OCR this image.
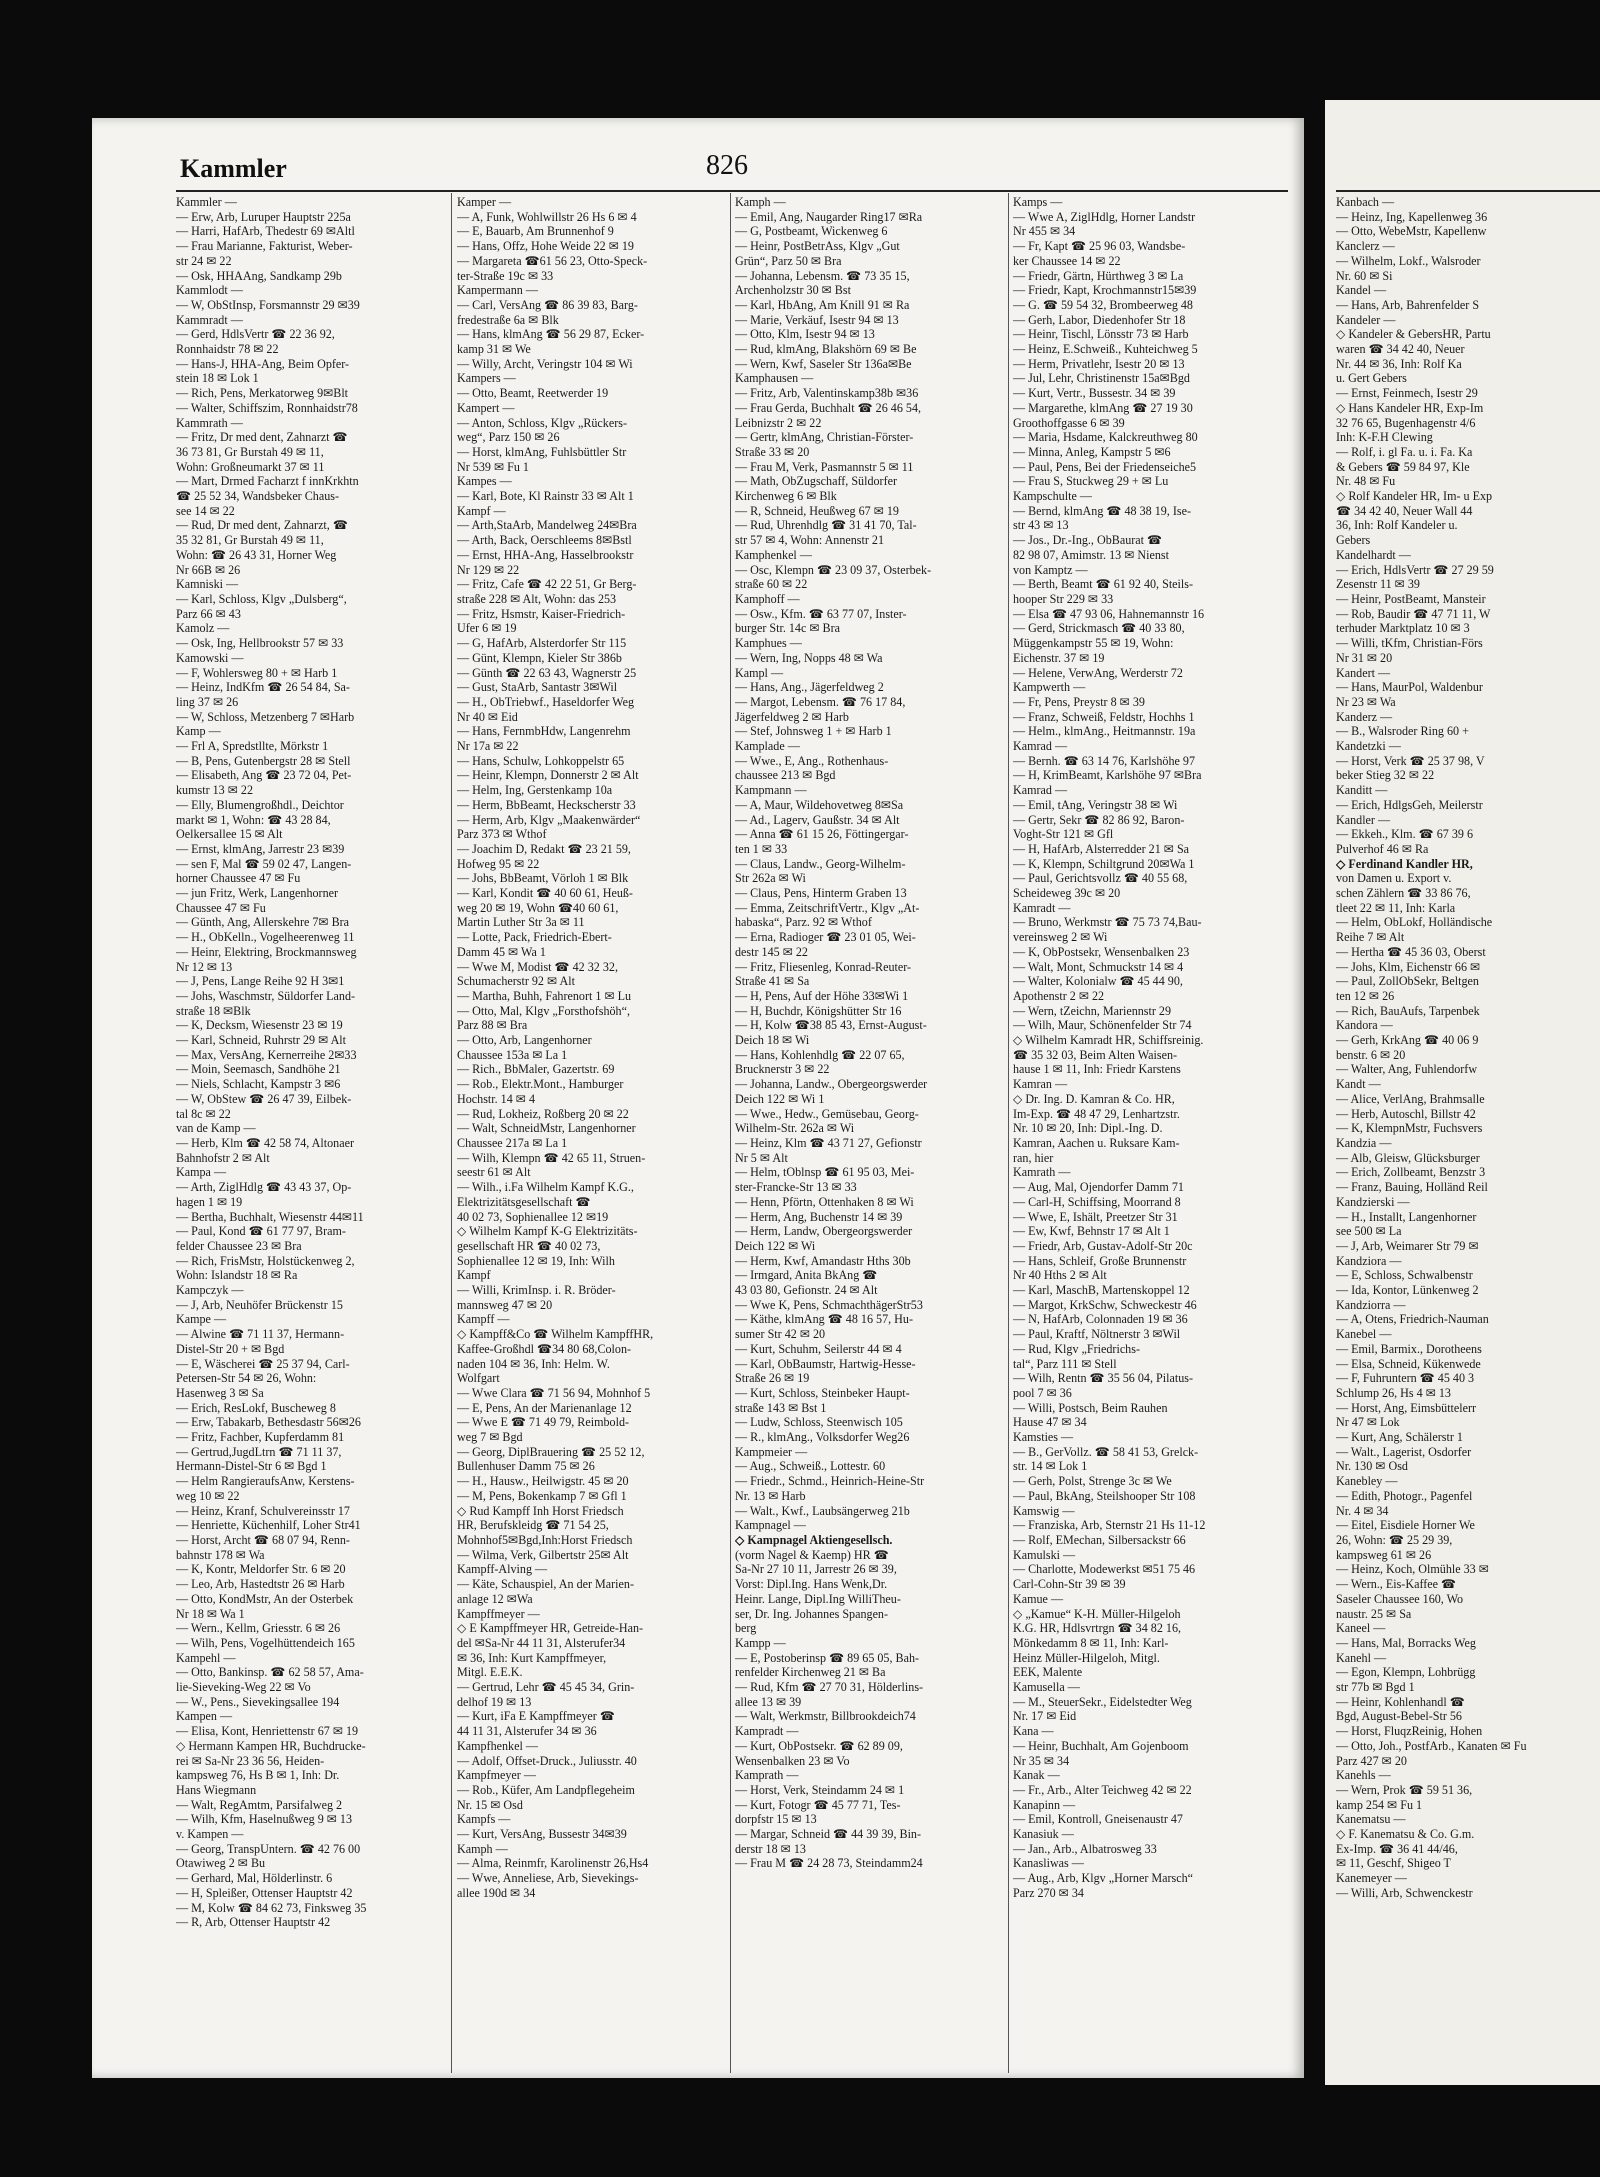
Kammler	826
Kammler —
— Erw, Arb, Luruper Hauptstr 225a
— Harri, HafArb, Thedestr 69 ✉Altl
— Frau Marianne, Fakturist, Weber-
str 24 ✉ 22
— Osk, HHAAng, Sandkamp 29b
Kammlodt —
— W, ObStInsp, Forsmannstr 29 ✉39
Kammradt —
— Gerd, HdlsVertr ☎ 22 36 92,
Ronnhaidstr 78 ✉ 22
— Hans-J, HHA-Ang, Beim Opfer-
stein 18 ✉ Lok 1
— Rich, Pens, Merkatorweg 9✉Blt
— Walter, Schiffszim, Ronnhaidstr78
Kammrath —
— Fritz, Dr med dent, Zahnarzt ☎
36 73 81, Gr Burstah 49 ✉ 11,
Wohn: Großneumarkt 37 ✉ 11
— Mart, Drmed Facharzt f innKrkhtn
☎ 25 52 34, Wandsbeker Chaus-
see 14 ✉ 22
— Rud, Dr med dent, Zahnarzt, ☎
35 32 81, Gr Burstah 49 ✉ 11,
Wohn: ☎ 26 43 31, Horner Weg
Nr 66B ✉ 26
Kamniski —
— Karl, Schloss, Klgv „Dulsberg“,
Parz 66 ✉ 43
Kamolz —
— Osk, Ing, Hellbrookstr 57 ✉ 33
Kamowski —
— F, Wohlersweg 80 + ✉ Harb 1
— Heinz, IndKfm ☎ 26 54 84, Sa-
ling 37 ✉ 26
— W, Schloss, Metzenberg 7 ✉Harb
Kamp —
— Frl A, Spredstllte, Mörkstr 1
— B, Pens, Gutenbergstr 28 ✉ Stell
— Elisabeth, Ang ☎ 23 72 04, Pet-
kumstr 13 ✉ 22
— Elly, Blumengroßhdl., Deichtor
markt ✉ 1, Wohn: ☎ 43 28 84,
Oelkersallee 15 ✉ Alt
— Ernst, klmAng, Jarrestr 23 ✉39
— sen F, Mal ☎ 59 02 47, Langen-
horner Chaussee 47 ✉ Fu
— jun Fritz, Werk, Langenhorner
Chaussee 47 ✉ Fu
— Günth, Ang, Allerskehre 7✉ Bra
— H., ObKelln., Vogelheerenweg 11
— Heinr, Elektring, Brockmannsweg
Nr 12 ✉ 13
— J, Pens, Lange Reihe 92 H 3✉1
— Johs, Waschmstr, Süldorfer Land-
straße 18 ✉Blk
— K, Decksm, Wiesenstr 23 ✉ 19
— Karl, Schneid, Ruhrstr 29 ✉ Alt
— Max, VersAng, Kernerreihe 2✉33
— Moin, Seemasch, Sandhöhe 21
— Niels, Schlacht, Kampstr 3 ✉6
— W, ObStew ☎ 26 47 39, Eilbek-
tal 8c ✉ 22
van de Kamp —
— Herb, Klm ☎ 42 58 74, Altonaer
Bahnhofstr 2 ✉ Alt
Kampa —
— Arth, ZiglHdlg ☎ 43 43 37, Op-
hagen 1 ✉ 19
— Bertha, Buchhalt, Wiesenstr 44✉11
— Paul, Kond ☎ 61 77 97, Bram-
felder Chaussee 23 ✉ Bra
— Rich, FrisMstr, Holstückenweg 2,
Wohn: Islandstr 18 ✉ Ra
Kampczyk —
— J, Arb, Neuhöfer Brückenstr 15
Kampe —
— Alwine ☎ 71 11 37, Hermann-
Distel-Str 20 + ✉ Bgd
— E, Wäscherei ☎ 25 37 94, Carl-
Petersen-Str 54 ✉ 26, Wohn:
Hasenweg 3 ✉ Sa
— Erich, ResLokf, Buscheweg 8
— Erw, Tabakarb, Bethesdastr 56✉26
— Fritz, Fachber, Kupferdamm 81
— Gertrud,JugdLtrn ☎ 71 11 37,
Hermann-Distel-Str 6 ✉ Bgd 1
— Helm RangieraufsAnw, Kerstens-
weg 10 ✉ 22
— Heinz, Kranf, Schulvereinsstr 17
— Henriette, Küchenhilf, Loher Str41
— Horst, Archt ☎ 68 07 94, Renn-
bahnstr 178 ✉ Wa
— K, Kontr, Meldorfer Str. 6 ✉ 20
— Leo, Arb, Hastedtstr 26 ✉ Harb
— Otto, KondMstr, An der Osterbek
Nr 18 ✉ Wa 1
— Wern., Kellm, Griesstr. 6 ✉ 26
— Wilh, Pens, Vogelhüttendeich 165
Kampehl —
— Otto, Bankinsp. ☎ 62 58 57, Ama-
lie-Sieveking-Weg 22 ✉ Vo
— W., Pens., Sievekingsallee 194
Kampen —
— Elisa, Kont, Henriettenstr 67 ✉ 19
◇ Hermann Kampen HR, Buchdrucke-
rei ✉ Sa-Nr 23 36 56, Heiden-
kampsweg 76, Hs B ✉ 1, Inh: Dr.
Hans Wiegmann
— Walt, RegAmtm, Parsifalweg 2
— Wilh, Kfm, Haselnußweg 9 ✉ 13
v. Kampen —
— Georg, TranspUntern. ☎ 42 76 00
Otawiweg 2 ✉ Bu
— Gerhard, Mal, Hölderlinstr. 6
— H, Spleißer, Ottenser Hauptstr 42
— M, Kolw ☎ 84 62 73, Finksweg 35
— R, Arb, Ottenser Hauptstr 42
Kamper —
— A, Funk, Wohlwillstr 26 Hs 6 ✉ 4
— E, Bauarb, Am Brunnenhof 9
— Hans, Offz, Hohe Weide 22 ✉ 19
— Margareta ☎61 56 23, Otto-Speck-
ter-Straße 19c ✉ 33
Kampermann —
— Carl, VersAng ☎ 86 39 83, Barg-
fredestraße 6a ✉ Blk
— Hans, klmAng ☎ 56 29 87, Ecker-
kamp 31 ✉ We
— Willy, Archt, Veringstr 104 ✉ Wi
Kampers —
— Otto, Beamt, Reetwerder 19
Kampert —
— Anton, Schloss, Klgv „Rückers-
weg“, Parz 150 ✉ 26
— Horst, klmAng, Fuhlsbüttler Str
Nr 539 ✉ Fu 1
Kampes —
— Karl, Bote, Kl Rainstr 33 ✉ Alt 1
Kampf —
— Arth,StaArb, Mandelweg 24✉Bra
— Arth, Back, Oerschleems 8✉Bstl
— Ernst, HHA-Ang, Hasselbrookstr
Nr 129 ✉ 22
— Fritz, Cafe ☎ 42 22 51, Gr Berg-
straße 228 ✉ Alt, Wohn: das 253
— Fritz, Hsmstr, Kaiser-Friedrich-
Ufer 6 ✉ 19
— G, HafArb, Alsterdorfer Str 115
— Günt, Klempn, Kieler Str 386b
— Günth ☎ 22 63 43, Wagnerstr 25
— Gust, StaArb, Santastr 3✉Wil
— H., ObTriebwf., Haseldorfer Weg
Nr 40 ✉ Eid
— Hans, FernmbHdw, Langenrehm
Nr 17a ✉ 22
— Hans, Schulw, Lohkoppelstr 65
— Heinr, Klempn, Donnerstr 2 ✉ Alt
— Helm, Ing, Gerstenkamp 10a
— Herm, BbBeamt, Heckscherstr 33
— Herm, Arb, Klgv „Maakenwärder“
Parz 373 ✉ Wthof
— Joachim D, Redakt ☎ 23 21 59,
Hofweg 95 ✉ 22
— Johs, BbBeamt, Vörloh 1 ✉ Blk
— Karl, Kondit ☎ 40 60 61, Heuß-
weg 20 ✉ 19, Wohn ☎40 60 61,
Martin Luther Str 3a ✉ 11
— Lotte, Pack, Friedrich-Ebert-
Damm 45 ✉ Wa 1
— Wwe M, Modist ☎ 42 32 32,
Schumacherstr 92 ✉ Alt
— Martha, Buhh, Fahrenort 1 ✉ Lu
— Otto, Mal, Klgv „Forsthofshöh“,
Parz 88 ✉ Bra
— Otto, Arb, Langenhorner
Chaussee 153a ✉ La 1
— Rich., BbMaler, Gazertstr. 69
— Rob., Elektr.Mont., Hamburger
Hochstr. 14 ✉ 4
— Rud, Lokheiz, Roßberg 20 ✉ 22
— Walt, SchneidMstr, Langenhorner
Chaussee 217a ✉ La 1
— Wilh, Klempn ☎ 42 65 11, Struen-
seestr 61 ✉ Alt
— Wilh., i.Fa Wilhelm Kampf K.G.,
Elektrizitätsgesellschaft ☎
40 02 73, Sophienallee 12 ✉19
◇ Wilhelm Kampf K-G Elektrizitäts-
gesellschaft HR ☎ 40 02 73,
Sophienallee 12 ✉ 19, Inh: Wilh
Kampf
— Willi, KrimInsp. i. R. Bröder-
mannsweg 47 ✉ 20
Kampff —
◇ Kampff&Co ☎ Wilhelm KampffHR,
Kaffee-Großhdl ☎34 80 68,Colon-
naden 104 ✉ 36, Inh: Helm. W.
Wolfgart
— Wwe Clara ☎ 71 56 94, Mohnhof 5
— E, Pens, An der Marienanlage 12
— Wwe E ☎ 71 49 79, Reimbold-
weg 7 ✉ Bgd
— Georg, DiplBrauering ☎ 25 52 12,
Bullenhuser Damm 75 ✉ 26
— H., Hausw., Heilwigstr. 45 ✉ 20
— M, Pens, Bokenkamp 7 ✉ Gfl 1
◇ Rud Kampff Inh Horst Friedsch
HR, Berufskleidg ☎ 71 54 25,
Mohnhof5✉Bgd,Inh:Horst Friedsch
— Wilma, Verk, Gilbertstr 25✉ Alt
Kampff-Alving —
— Käte, Schauspiel, An der Marien-
anlage 12 ✉Wa
Kampffmeyer —
◇ E Kampffmeyer HR, Getreide-Han-
del ✉Sa-Nr 44 11 31, Alsterufer34
✉ 36, Inh: Kurt Kampffmeyer,
Mitgl. E.E.K.
— Gertrud, Lehr ☎ 45 45 34, Grin-
delhof 19 ✉ 13
— Kurt, iFa E Kampffmeyer ☎
44 11 31, Alsterufer 34 ✉ 36
Kampfhenkel —
— Adolf, Offset-Druck., Juliusstr. 40
Kampfmeyer —
— Rob., Küfer, Am Landpflegeheim
Nr. 15 ✉ Osd
Kampfs —
— Kurt, VersAng, Bussestr 34✉39
Kamph —
— Alma, Reinmfr, Karolinenstr 26,Hs4
— Wwe, Anneliese, Arb, Sievekings-
allee 190d ✉ 34
Kamph —
— Emil, Ang, Naugarder Ring17 ✉Ra
— G, Postbeamt, Wickenweg 6
— Heinr, PostBetrAss, Klgv „Gut
Grün“, Parz 50 ✉ Bra
— Johanna, Lebensm. ☎ 73 35 15,
Archenholzstr 30 ✉ Bst
— Karl, HbAng, Am Knill 91 ✉ Ra
— Marie, Verkäuf, Isestr 94 ✉ 13
— Otto, Klm, Isestr 94 ✉ 13
— Rud, klmAng, Blakshörn 69 ✉ Be
— Wern, Kwf, Saseler Str 136a✉Be
Kamphausen —
— Fritz, Arb, Valentinskamp38b ✉36
— Frau Gerda, Buchhalt ☎ 26 46 54,
Leibnizstr 2 ✉ 22
— Gertr, klmAng, Christian-Förster-
Straße 33 ✉ 20
— Frau M, Verk, Pasmannstr 5 ✉ 11
— Math, ObZugschaff, Süldorfer
Kirchenweg 6 ✉ Blk
— R, Schneid, Heußweg 67 ✉ 19
— Rud, Uhrenhdlg ☎ 31 41 70, Tal-
str 57 ✉ 4, Wohn: Annenstr 21
Kamphenkel —
— Osc, Klempn ☎ 23 09 37, Osterbek-
straße 60 ✉ 22
Kamphoff —
— Osw., Kfm. ☎ 63 77 07, Inster-
burger Str. 14c ✉ Bra
Kamphues —
— Wern, Ing, Nopps 48 ✉ Wa
Kampl —
— Hans, Ang., Jägerfeldweg 2
— Margot, Lebensm. ☎ 76 17 84,
Jägerfeldweg 2 ✉ Harb
— Stef, Johnsweg 1 + ✉ Harb 1
Kamplade —
— Wwe., E, Ang., Rothenhaus-
chaussee 213 ✉ Bgd
Kampmann —
— A, Maur, Wildehovetweg 8✉Sa
— Ad., Lagerv, Gaußstr. 34 ✉ Alt
— Anna ☎ 61 15 26, Föttingergar-
ten 1 ✉ 33
— Claus, Landw., Georg-Wilhelm-
Str 262a ✉ Wi
— Claus, Pens, Hinterm Graben 13
— Emma, ZeitschriftVertr., Klgv „At-
habaska“, Parz. 92 ✉ Wthof
— Erna, Radioger ☎ 23 01 05, Wei-
destr 145 ✉ 22
— Fritz, Fliesenleg, Konrad-Reuter-
Straße 41 ✉ Sa
— H, Pens, Auf der Höhe 33✉Wi 1
— H, Buchdr, Königshütter Str 16
— H, Kolw ☎38 85 43, Ernst-August-
Deich 18 ✉ Wi
— Hans, Kohlenhdlg ☎ 22 07 65,
Brucknerstr 3 ✉ 22
— Johanna, Landw., Obergeorgswerder
Deich 122 ✉ Wi 1
— Wwe., Hedw., Gemüsebau, Georg-
Wilhelm-Str. 262a ✉ Wi
— Heinz, Klm ☎ 43 71 27, Gefionstr
Nr 5 ✉ Alt
— Helm, tOblnsp ☎ 61 95 03, Mei-
ster-Francke-Str 13 ✉ 33
— Henn, Pförtn, Ottenhaken 8 ✉ Wi
— Herm, Ang, Buchenstr 14 ✉ 39
— Herm, Landw, Obergeorgswerder
Deich 122 ✉ Wi
— Herm, Kwf, Amandastr Hths 30b
— Irmgard, Anita BkAng ☎
43 03 80, Gefionstr. 24 ✉ Alt
— Wwe K, Pens, SchmachthägerStr53
— Käthe, klmAng ☎ 48 16 57, Hu-
sumer Str 42 ✉ 20
— Kurt, Schuhm, Seilerstr 44 ✉ 4
— Karl, ObBaumstr, Hartwig-Hesse-
Straße 26 ✉ 19
— Kurt, Schloss, Steinbeker Haupt-
straße 143 ✉ Bst 1
— Ludw, Schloss, Steenwisch 105
— R., klmAng., Volksdorfer Weg26
Kampmeier —
— Aug., Schweiß., Lottestr. 60
— Friedr., Schmd., Heinrich-Heine-Str
Nr. 13 ✉ Harb
— Walt., Kwf., Laubsängerweg 21b
Kampnagel —
◇ Kampnagel Aktiengesellsch.
(vorm Nagel & Kaemp) HR ☎
Sa-Nr 27 10 11, Jarrestr 26 ✉ 39,
Vorst: Dipl.Ing. Hans Wenk,Dr.
Heinr. Lange, Dipl.Ing WilliTheu-
ser, Dr. Ing. Johannes Spangen-
berg
Kampp —
— E, Postoberinsp ☎ 89 65 05, Bah-
renfelder Kirchenweg 21 ✉ Ba
— Rud, Kfm ☎ 27 70 31, Hölderlins-
allee 13 ✉ 39
— Walt, Werkmstr, Billbrookdeich74
Kampradt —
— Kurt, ObPostsekr. ☎ 62 89 09,
Wensenbalken 23 ✉ Vo
Kamprath —
— Horst, Verk, Steindamm 24 ✉ 1
— Kurt, Fotogr ☎ 45 77 71, Tes-
dorpfstr 15 ✉ 13
— Margar, Schneid ☎ 44 39 39, Bin-
derstr 18 ✉ 13
— Frau M ☎ 24 28 73, Steindamm24
Kamps —
— Wwe A, ZiglHdlg, Horner Landstr
Nr 455 ✉ 34
— Fr, Kapt ☎ 25 96 03, Wandsbe-
ker Chaussee 14 ✉ 22
— Friedr, Gärtn, Hürthweg 3 ✉ La
— Friedr, Kapt, Krochmannstr15✉39
— G. ☎ 59 54 32, Brombeerweg 48
— Gerh, Labor, Diedenhofer Str 18
— Heinr, Tischl, Lönsstr 73 ✉ Harb
— Heinz, E.Schweiß., Kuhteichweg 5
— Herm, Privatlehr, Isestr 20 ✉ 13
— Jul, Lehr, Christinenstr 15a✉Bgd
— Kurt, Vertr., Bussestr. 34 ✉ 39
— Margarethe, klmAng ☎ 27 19 30
Groothoffgasse 6 ✉ 39
— Maria, Hsdame, Kalckreuthweg 80
— Minna, Anleg, Kampstr 5 ✉6
— Paul, Pens, Bei der Friedenseiche5
— Frau S, Stuckweg 29 + ✉ Lu
Kampschulte —
— Bernd, klmAng ☎ 48 38 19, Ise-
str 43 ✉ 13
— Jos., Dr.-Ing., ObBaurat ☎
82 98 07, Amimstr. 13 ✉ Nienst
von Kamptz —
— Berth, Beamt ☎ 61 92 40, Steils-
hooper Str 229 ✉ 33
— Elsa ☎ 47 93 06, Hahnemannstr 16
— Gerd, Strickmasch ☎ 40 33 80,
Müggenkampstr 55 ✉ 19, Wohn:
Eichenstr. 37 ✉ 19
— Helene, VerwAng, Werderstr 72
Kampwerth —
— Fr, Pens, Preystr 8 ✉ 39
— Franz, Schweiß, Feldstr, Hochhs 1
— Helm., klmAng., Heitmannstr. 19a
Kamrad —
— Bernh. ☎ 63 14 76, Karlshöhe 97
— H, KrimBeamt, Karlshöhe 97 ✉Bra
Kamrad —
— Emil, tAng, Veringstr 38 ✉ Wi
— Gertr, Sekr ☎ 82 86 92, Baron-
Voght-Str 121 ✉ Gfl
— H, HafArb, Alsterredder 21 ✉ Sa
— K, Klempn, Schiltgrund 20✉Wa 1
— Paul, Gerichtsvollz ☎ 40 55 68,
Scheideweg 39c ✉ 20
Kamradt —
— Bruno, Werkmstr ☎ 75 73 74,Bau-
vereinsweg 2 ✉ Wi
— K, ObPostsekr, Wensenbalken 23
— Walt, Mont, Schmuckstr 14 ✉ 4
— Walter, Kolonialw ☎ 45 44 90,
Apothenstr 2 ✉ 22
— Wern, tZeichn, Mariennstr 29
— Wilh, Maur, Schönenfelder Str 74
◇ Wilhelm Kamradt HR, Schiffsreinig.
☎ 35 32 03, Beim Alten Waisen-
hause 1 ✉ 11, Inh: Friedr Karstens
Kamran —
◇ Dr. Ing. D. Kamran & Co. HR,
Im-Exp. ☎ 48 47 29, Lenhartzstr.
Nr. 10 ✉ 20, Inh: Dipl.-Ing. D.
Kamran, Aachen u. Ruksare Kam-
ran, hier
Kamrath —
— Aug, Mal, Ojendorfer Damm 71
— Carl-H, Schiffsing, Moorrand 8
— Wwe, E, Ishält, Preetzer Str 31
— Ew, Kwf, Behnstr 17 ✉ Alt 1
— Friedr, Arb, Gustav-Adolf-Str 20c
— Hans, Schleif, Große Brunnenstr
Nr 40 Hths 2 ✉ Alt
— Karl, MaschB, Martenskoppel 12
— Margot, KrkSchw, Schweckestr 46
— N, HafArb, Colonnaden 19 ✉ 36
— Paul, Kraftf, Nöltnerstr 3 ✉Wil
— Rud, Klgv „Friedrichs-
tal“, Parz 111 ✉ Stell
— Wilh, Rentn ☎ 35 56 04, Pilatus-
pool 7 ✉ 36
— Willi, Postsch, Beim Rauhen
Hause 47 ✉ 34
Kamsties —
— B., GerVollz. ☎ 58 41 53, Grelck-
str. 14 ✉ Lok 1
— Gerh, Polst, Strenge 3c ✉ We
— Paul, BkAng, Steilshooper Str 108
Kamswig —
— Franziska, Arb, Sternstr 21 Hs 11-12
— Rolf, EMechan, Silbersackstr 66
Kamulski —
— Charlotte, Modewerkst ✉51 75 46
Carl-Cohn-Str 39 ✉ 39
Kamue —
◇ „Kamue“ K-H. Müller-Hilgeloh
K.G. HR, Hdlsvrtrgn ☎ 34 82 16,
Mönkedamm 8 ✉ 11, Inh: Karl-
Heinz Müller-Hilgeloh, Mitgl.
EEK, Malente
Kamusella —
— M., SteuerSekr., Eidelstedter Weg
Nr. 17 ✉ Eid
Kana —
— Heinr, Buchhalt, Am Gojenboom
Nr 35 ✉ 34
Kanak —
— Fr., Arb., Alter Teichweg 42 ✉ 22
Kanapinn —
— Emil, Kontroll, Gneisenaustr 47
Kanasiuk —
— Jan., Arb., Albatrosweg 33
Kanasliwas —
— Aug., Arb, Klgv „Horner Marsch“
Parz 270 ✉ 34
Kanbach —
— Heinz, Ing, Kapellenweg 36
— Otto, WebeMstr, Kapellenw
Kanclerz —
— Wilhelm, Lokf., Walsroder
Nr. 60 ✉ Si
Kandel —
— Hans, Arb, Bahrenfelder S
Kandeler —
◇ Kandeler & GebersHR, Partu
waren ☎ 34 42 40, Neuer
Nr. 44 ✉ 36, Inh: Rolf Ka
u. Gert Gebers
— Ernst, Feinmech, Isestr 29
◇ Hans Kandeler HR, Exp-Im
32 76 65, Bugenhagenstr 4/6
Inh: K-F.H Clewing
— Rolf, i. gl Fa. u. i. Fa. Ka
& Gebers ☎ 59 84 97, Kle
Nr. 48 ✉ Fu
◇ Rolf Kandeler HR, Im- u Exp
☎ 34 42 40, Neuer Wall 44
36, Inh: Rolf Kandeler u.
Gebers
Kandelhardt —
— Erich, HdlsVertr ☎ 27 29 59
Zesenstr 11 ✉ 39
— Heinr, PostBeamt, Mansteir
— Rob, Baudir ☎ 47 71 11, W
terhuder Marktplatz 10 ✉ 3
— Willi, tKfm, Christian-Förs
Nr 31 ✉ 20
Kandert —
— Hans, MaurPol, Waldenbur
Nr 23 ✉ Wa
Kanderz —
— B., Walsroder Ring 60 +
Kandetzki —
— Horst, Verk ☎ 25 37 98, V
beker Stieg 32 ✉ 22
Kanditt —
— Erich, HdlgsGeh, Meilerstr
Kandler —
— Ekkeh., Klm. ☎ 67 39 6
Pulverhof 46 ✉ Ra
◇ Ferdinand Kandler HR,
von Damen u. Export v.
schen Zählern ☎ 33 86 76,
tleet 22 ✉ 11, Inh: Karla
— Helm, ObLokf, Holländische
Reihe 7 ✉ Alt
— Hertha ☎ 45 36 03, Oberst
— Johs, Klm, Eichenstr 66 ✉
— Paul, ZollObSekr, Beltgen
ten 12 ✉ 26
— Rich, BauAufs, Tarpenbek
Kandora —
— Gerh, KrkAng ☎ 40 06 9
benstr. 6 ✉ 20
— Walter, Ang, Fuhlendorfw
Kandt —
— Alice, VerlAng, Brahmsalle
— Herb, Autoschl, Billstr 42
— K, KlempnMstr, Fuchsvers
Kandzia —
— Alb, Gleisw, Glücksburger
— Erich, Zollbeamt, Benzstr 3
— Franz, Bauing, Holländ Reil
Kandzierski —
— H., Installt, Langenhorner
see 500 ✉ La
— J, Arb, Weimarer Str 79 ✉
Kandziora —
— E, Schloss, Schwalbenstr
— Ida, Kontor, Lünkenweg 2
Kandziorra —
— A, Otens, Friedrich-Nauman
Kanebel —
— Emil, Barmix., Dorotheens
— Elsa, Schneid, Kükenwede
— F, Fuhruntern ☎ 45 40 3
Schlump 26, Hs 4 ✉ 13
— Horst, Ang, Eimsbüttelerr
Nr 47 ✉ Lok
— Kurt, Ang, Schälerstr 1
— Walt., Lagerist, Osdorfer
Nr. 130 ✉ Osd
Kanebley —
— Edith, Photogr., Pagenfel
Nr. 4 ✉ 34
— Eitel, Eisdiele Horner We
26, Wohn: ☎ 25 29 39,
kampsweg 61 ✉ 26
— Heinz, Koch, Olmühle 33 ✉
— Wern., Eis-Kaffee ☎
Saseler Chaussee 160, Wo
naustr. 25 ✉ Sa
Kaneel —
— Hans, Mal, Borracks Weg
Kanehl —
— Egon, Klempn, Lohbrügg
str 77b ✉ Bgd 1
— Heinr, Kohlenhandl ☎
Bgd, August-Bebel-Str 56
— Horst, FluqzReinig, Hohen
— Otto, Joh., PostfArb., Kanaten ✉ Fu
Parz 427 ✉ 20
Kanehls —
— Wern, Prok ☎ 59 51 36,
kamp 254 ✉ Fu 1
Kanematsu —
◇ F. Kanematsu & Co. G.m.
Ex-Imp. ☎ 36 41 44/46,
✉ 11, Geschf, Shigeo T
Kanemeyer —
— Willi, Arb, Schwenckestr
